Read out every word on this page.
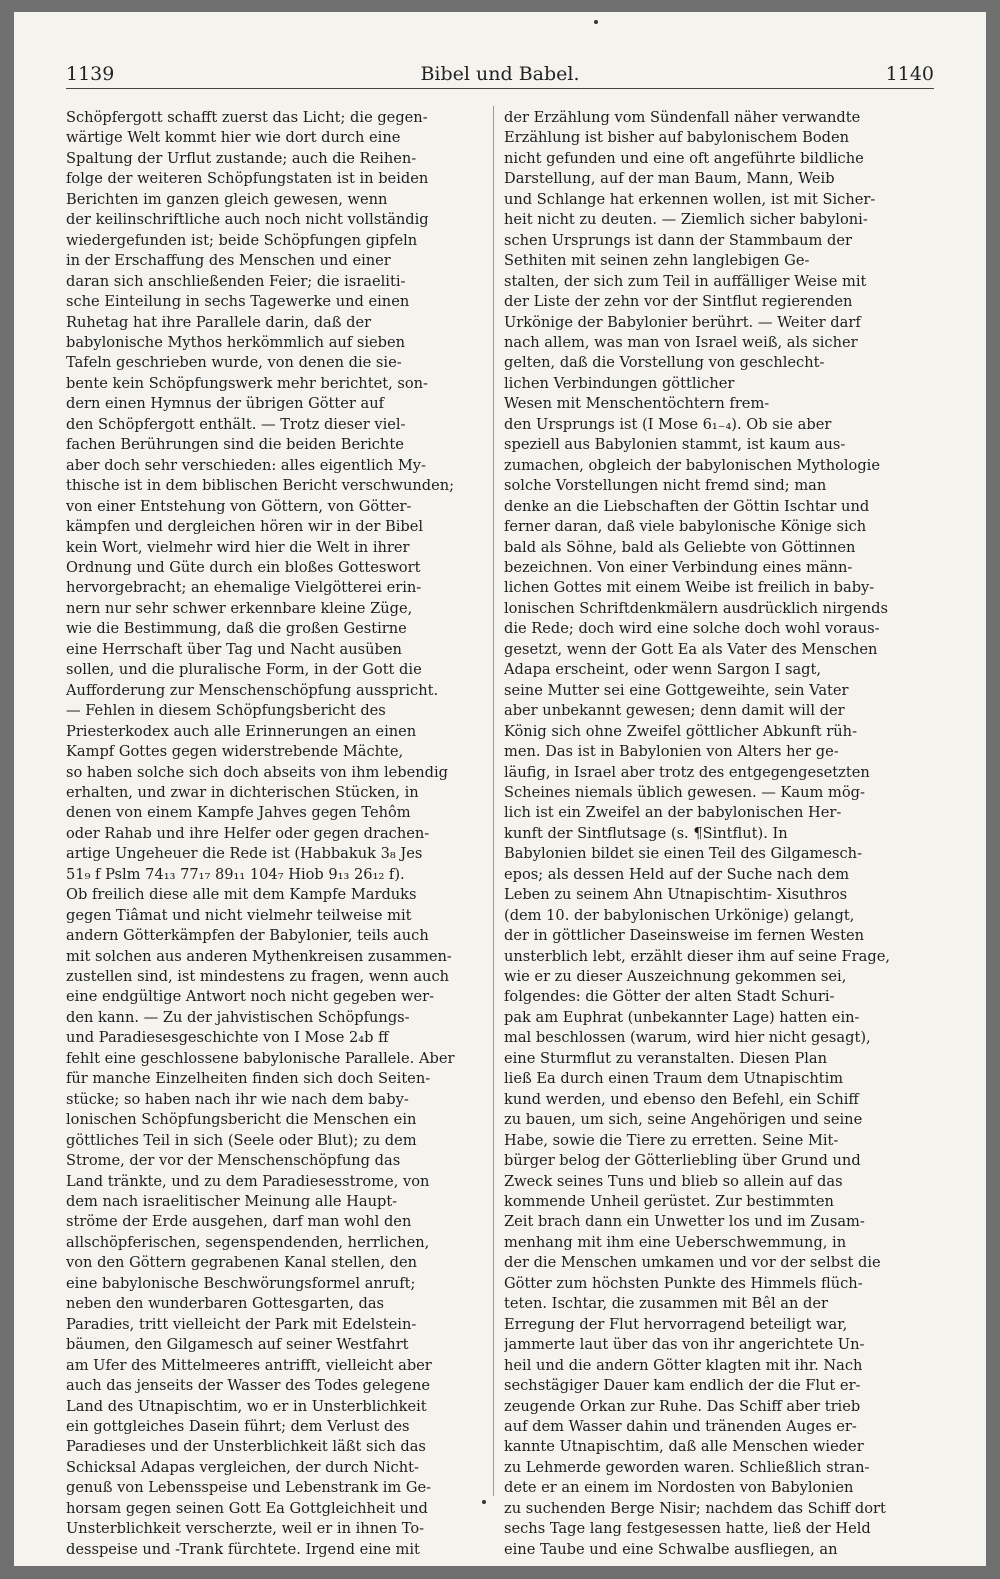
1139	Bibel und Babel.	1140
Schöpfergott schafft zuerst das Licht; die gegen-
wärtige Welt kommt hier wie dort durch eine
Spaltung der Urflut zustande; auch die Reihen-
folge der weiteren Schöpfungstaten ist in beiden
Berichten im ganzen gleich gewesen, wenn
der keilinschriftliche auch noch nicht vollständig
wiedergefunden ist; beide Schöpfungen gipfeln
in der Erschaffung des Menschen und einer
daran sich anschließenden Feier; die israeliti-
sche Einteilung in sechs Tagewerke und einen
Ruhetag hat ihre Parallele darin, daß der
babylonische Mythos herkömmlich auf sieben
Tafeln geschrieben wurde, von denen die sie-
bente kein Schöpfungswerk mehr berichtet, son-
dern einen Hymnus der übrigen Götter auf
den Schöpfergott enthält. — Trotz dieser viel-
fachen Berührungen sind die beiden Berichte
aber doch sehr verschieden: alles eigentlich My-
thische ist in dem biblischen Bericht verschwunden;
von einer Entstehung von Göttern, von Götter-
kämpfen und dergleichen hören wir in der Bibel
kein Wort, vielmehr wird hier die Welt in ihrer
Ordnung und Güte durch ein bloßes Gotteswort
hervorgebracht; an ehemalige Vielgötterei erin-
nern nur sehr schwer erkennbare kleine Züge,
wie die Bestimmung, daß die großen Gestirne
eine Herrschaft über Tag und Nacht ausüben
sollen, und die pluralische Form, in der Gott die
Aufforderung zur Menschenschöpfung ausspricht.
— Fehlen in diesem Schöpfungsbericht des
Priesterkodex auch alle Erinnerungen an einen
Kampf Gottes gegen widerstrebende Mächte,
so haben solche sich doch abseits von ihm lebendig
erhalten, und zwar in dichterischen Stücken, in
denen von einem Kampfe Jahves gegen Tehôm
oder Rahab und ihre Helfer oder gegen drachen-
artige Ungeheuer die Rede ist (Habbakuk 3₈ Jes
51₉ f Pslm 74₁₃ 77₁₇ 89₁₁ 104₇ Hiob 9₁₃ 26₁₂ f).
Ob freilich diese alle mit dem Kampfe Marduks
gegen Tiâmat und nicht vielmehr teilweise mit
andern Götterkämpfen der Babylonier, teils auch
mit solchen aus anderen Mythenkreisen zusammen-
zustellen sind, ist mindestens zu fragen, wenn auch
eine endgültige Antwort noch nicht gegeben wer-
den kann. — Zu der jahvistischen Schöpfungs-
und Paradiesesgeschichte von I Mose 2₄b ff
fehlt eine geschlossene babylonische Parallele. Aber
für manche Einzelheiten finden sich doch Seiten-
stücke; so haben nach ihr wie nach dem baby-
lonischen Schöpfungsbericht die Menschen ein
göttliches Teil in sich (Seele oder Blut); zu dem
Strome, der vor der Menschenschöpfung das
Land tränkte, und zu dem Paradiesesstrome, von
dem nach israelitischer Meinung alle Haupt-
ströme der Erde ausgehen, darf man wohl den
allschöpferischen, segenspendenden, herrlichen,
von den Göttern gegrabenen Kanal stellen, den
eine babylonische Beschwörungsformel anruft;
neben den wunderbaren Gottesgarten, das
Paradies, tritt vielleicht der Park mit Edelstein-
bäumen, den Gilgamesch auf seiner Westfahrt
am Ufer des Mittelmeeres antrifft, vielleicht aber
auch das jenseits der Wasser des Todes gelegene
Land des Utnapischtim, wo er in Unsterblichkeit
ein gottgleiches Dasein führt; dem Verlust des
Paradieses und der Unsterblichkeit läßt sich das
Schicksal Adapas vergleichen, der durch Nicht-
genuß von Lebensspeise und Lebenstrank im Ge-
horsam gegen seinen Gott Ea Gottgleichheit und
Unsterblichkeit verscherzte, weil er in ihnen To-
desspeise und -Trank fürchtete. Irgend eine mit
der Erzählung vom Sündenfall näher verwandte
Erzählung ist bisher auf babylonischem Boden
nicht gefunden und eine oft angeführte bildliche
Darstellung, auf der man Baum, Mann, Weib
und Schlange hat erkennen wollen, ist mit Sicher-
heit nicht zu deuten. — Ziemlich sicher babyloni-
schen Ursprungs ist dann der Stammbaum der
Sethiten mit seinen zehn langlebigen Ge-
stalten, der sich zum Teil in auffälliger Weise mit
der Liste der zehn vor der Sintflut regierenden
Urkönige der Babylonier berührt. — Weiter darf
nach allem, was man von Israel weiß, als sicher
gelten, daß die Vorstellung von geschlecht-
lichen Verbindungen göttlicher
Wesen mit Menschentöchtern frem-
den Ursprungs ist (I Mose 6₁₋₄). Ob sie aber
speziell aus Babylonien stammt, ist kaum aus-
zumachen, obgleich der babylonischen Mythologie
solche Vorstellungen nicht fremd sind; man
denke an die Liebschaften der Göttin Ischtar und
ferner daran, daß viele babylonische Könige sich
bald als Söhne, bald als Geliebte von Göttinnen
bezeichnen. Von einer Verbindung eines männ-
lichen Gottes mit einem Weibe ist freilich in baby-
lonischen Schriftdenkmälern ausdrücklich nirgends
die Rede; doch wird eine solche doch wohl voraus-
gesetzt, wenn der Gott Ea als Vater des Menschen
Adapa erscheint, oder wenn Sargon I sagt,
seine Mutter sei eine Gottgeweihte, sein Vater
aber unbekannt gewesen; denn damit will der
König sich ohne Zweifel göttlicher Abkunft rüh-
men. Das ist in Babylonien von Alters her ge-
läufig, in Israel aber trotz des entgegengesetzten
Scheines niemals üblich gewesen. — Kaum mög-
lich ist ein Zweifel an der babylonischen Her-
kunft der Sintflutsage (s. ¶Sintflut). In
Babylonien bildet sie einen Teil des Gilgamesch-
epos; als dessen Held auf der Suche nach dem
Leben zu seinem Ahn Utnapischtim- Xisuthros
(dem 10. der babylonischen Urkönige) gelangt,
der in göttlicher Daseinsweise im fernen Westen
unsterblich lebt, erzählt dieser ihm auf seine Frage,
wie er zu dieser Auszeichnung gekommen sei,
folgendes: die Götter der alten Stadt Schuri-
pak am Euphrat (unbekannter Lage) hatten ein-
mal beschlossen (warum, wird hier nicht gesagt),
eine Sturmflut zu veranstalten. Diesen Plan
ließ Ea durch einen Traum dem Utnapischtim
kund werden, und ebenso den Befehl, ein Schiff
zu bauen, um sich, seine Angehörigen und seine
Habe, sowie die Tiere zu erretten. Seine Mit-
bürger belog der Götterliebling über Grund und
Zweck seines Tuns und blieb so allein auf das
kommende Unheil gerüstet. Zur bestimmten
Zeit brach dann ein Unwetter los und im Zusam-
menhang mit ihm eine Ueberschwemmung, in
der die Menschen umkamen und vor der selbst die
Götter zum höchsten Punkte des Himmels flüch-
teten. Ischtar, die zusammen mit Bêl an der
Erregung der Flut hervorragend beteiligt war,
jammerte laut über das von ihr angerichtete Un-
heil und die andern Götter klagten mit ihr. Nach
sechstägiger Dauer kam endlich der die Flut er-
zeugende Orkan zur Ruhe. Das Schiff aber trieb
auf dem Wasser dahin und tränenden Auges er-
kannte Utnapischtim, daß alle Menschen wieder
zu Lehmerde geworden waren. Schließlich stran-
dete er an einem im Nordosten von Babylonien
zu suchenden Berge Nisir; nachdem das Schiff dort
sechs Tage lang festgesessen hatte, ließ der Held
eine Taube und eine Schwalbe ausfliegen, an
